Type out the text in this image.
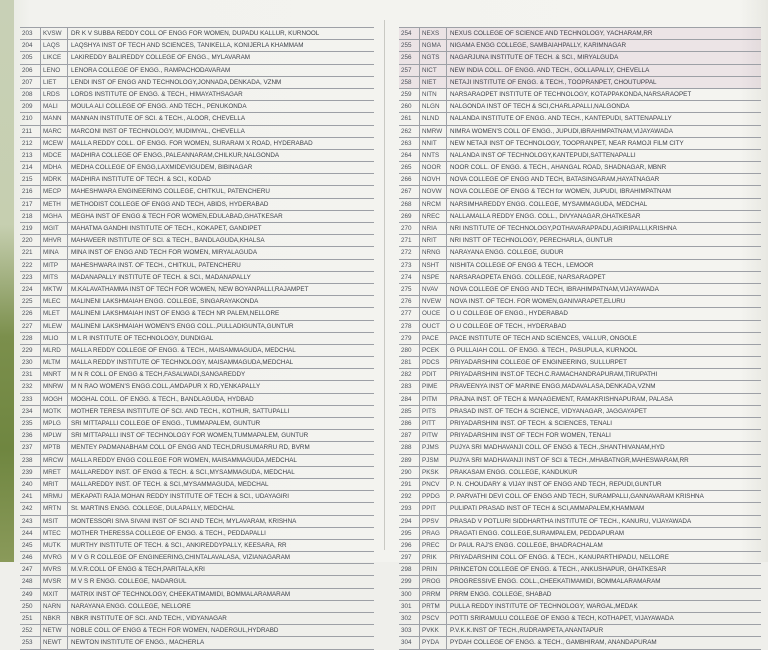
203	KVSW	DR K V SUBBA REDDY COLL OF ENGG FOR WOMEN, DUPADU KALLUR, KURNOOL
204	LAQS	LAQSHYA INST OF TECH AND SCIENCES, TANIKELLA, KONIJERLA KHAMMAM
205	LIKCE	LAKIREDDY BALIREDDY COLLEGE OF ENGG., MYLAVARAM
206	LENO	LENORA COLLEGE OF ENGG., RAMPACHODAVARAM
207	LIET	LENDI INST OF ENGG AND TECHNOLOGY,JONNADA,DENKADA, VZNM
208	LRDS	LORDS INSTITUTE OF ENGG. & TECH., HIMAYATHSAGAR
209	MALI	MOULA ALI COLLEGE OF ENGG. AND TECH., PENUKONDA
210	MANN	MANNAN INSTITUTE OF SCI. & TECH., ALOOR, CHEVELLA
211	MARC	MARCONI INST OF TECHNOLOGY, MUDIMYAL, CHEVELLA
212	MCEW	MALLA REDDY COLL. OF ENGG. FOR WOMEN, SURARAM X ROAD, HYDERABAD
213	MDCE	MADHIRA COLLEGE OF ENGG.,PALEANNARAM,CHILKUR,NALGONDA
214	MDHA	MEDHA COLLEGE OF ENGG,LAXMIDEVIGUDEM, BIBINAGAR
215	MDRK	MADHIRA INSTITUTE OF TECH. & SCI., KODAD
216	MECP	MAHESHWARA ENGINEERING COLLEGE, CHITKUL, PATENCHERU
217	METH	METHODIST COLLEGE OF ENGG AND TECH, ABIDS, HYDERABAD
218	MGHA	MEGHA INST OF ENGG & TECH FOR WOMEN,EDULABAD,GHATKESAR
219	MGIT	MAHATMA GANDHI INSTITUTE OF TECH., KOKAPET, GANDIPET
220	MHVR	MAHAVEER INSTITUTE OF SCI. & TECH., BANDLAGUDA,KHALSA
221	MINA	MINA INST OF ENGG AND TECH FOR WOMEN, MIRYALAGUDA
222	MITP	MAHESHWARA INST. OF TECH., CHITKUL, PATENCHERU
223	MITS	MADANAPALLY INSTITUTE OF TECH. & SCI., MADANAPALLY
224	MKTW	M.KALAVATHAMMA INST OF TECH FOR WOMEN, NEW BOYANPALLI,RAJAMPET
225	MLEC	MALINENI LAKSHMAIAH ENGG. COLLEGE, SINGARAYAKONDA
226	MLET	MALINENI LAKSHMAIAH INST OF ENGG & TECH NR PALEM,NELLORE
227	MLEW	MALINENI LAKSHMAIAH WOMEN'S ENGG COLL.,PULLADIGUNTA,GUNTUR
228	MLIO	M L R INSTITUTE OF TECHNOLOGY, DUNDIGAL
229	MLRD	MALLA REDDY COLLEGE OF ENGG. & TECH., MAISAMMAGUDA, MEDCHAL
230	MLTM	MALLA REDDY INSTITUTE OF TECHNOLOGY, MAISAMMAGUDA,MEDCHAL
231	MNRT	M N R COLL OF ENGG & TECH,FASALWADI,SANGAREDDY
232	MNRW	M N RAO WOMEN'S ENGG.COLL,AMDAPUR X RD,YENKAPALLY
233	MOGH	MOGHAL COLL. OF ENGG. & TECH., BANDLAGUDA, HYDBAD
234	MOTK	MOTHER TERESA INSTITUTE OF SCI. AND TECH., KOTHUR, SATTUPALLI
235	MPLG	SRI MITTAPALLI COLLEGE OF ENGG., TUMMAPALEM, GUNTUR
236	MPLW	SRI MITTAPALLI INST OF TECHNOLOGY FOR WOMEN,TUMMAPALEM, GUNTUR
237	MPTB	MENTEY PADMANABHAM COLL OF ENGG AND TECH,DRUSUMARRU RD, BVRM
238	MRCW	MALLA REDDY ENGG COLLEGE FOR WOMEN, MAISAMMAGUDA,MEDCHAL
239	MRET	MALLAREDDY INST. OF ENGG & TECH. & SCI.,MYSAMMAGUDA, MEDCHAL
240	MRIT	MALLAREDDY INST. OF TECH. & SCI.,MYSAMMAGUDA, MEDCHAL
241	MRMU	MEKAPATI RAJA MOHAN REDDY INSTITUTE OF TECH & SCI., UDAYAGIRI
242	MRTN	St. MARTINS ENGG. COLLEGE, DULAPALLY, MEDCHAL
243	MSIT	MONTESSORI SIVA SIVANI INST OF SCI AND TECH, MYLAVARAM, KRISHNA
244	MTEC	MOTHER THERESSA COLLEGE OF ENGG. & TECH., PEDDAPALLI
245	MUTK	MURTHY INSTITUTE OF TECH. & SCI., ANKIREDDYPALLY, KEESARA, RR
246	MVRG	M V G R COLLEGE OF ENGINEERING,CHINTALAVALASA, VIZIANAGARAM
247	MVRS	M.V.R.COLL OF ENGG & TECH,PARITALA,KRI
248	MVSR	M V S R ENGG. COLLEGE, NADARGUL
249	MXIT	MATRIX INST OF TECHNOLOGY, CHEEKATIMAMIDI, BOMMALARAMARAM
250	NARN	NARAYANA ENGG. COLLEGE, NELLORE
251	NBKR	NBKR INSTITUTE OF SCI. AND TECH., VIDYANAGAR
252	NETW	NOBLE COLL OF ENGG & TECH FOR WOMEN, NADERGUL,HYDRABD
253	NEWT	NEWTON INSTITUTE OF ENGG., MACHERLA
254	NEXS	NEXUS COLLEGE OF SCIENCE AND TECHNOLOGY, YACHARAM,RR
255	NGMA	NIGAMA ENGG COLLEGE, SAMBAIAHPALLY, KARIMNAGAR
256	NGTS	NAGARJUNA INSTITUTE OF TECH. & SCI., MIRYALGUDA
257	NICT	NEW INDIA COLL. OF ENGG. AND TECH., GOLLAPALLY, CHEVELLA
258	NIET	NETAJI INSTITUTE OF ENGG. & TECH., TOOPRANPET, CHOUTUPPAL
259	NITN	NARSARAOPET INSTITUTE OF TECHNOLOGY, KOTAPPAKONDA,NARSARAOPET
260	NLGN	NALGONDA INST OF TECH & SCI,CHARLAPALLI,NALGONDA
261	NLND	NALANDA INSTITUTE OF ENGG. AND TECH., KANTEPUDI, SATTENAPALLY
262	NMRW	NIMRA WOMEN'S COLL OF ENGG., JUPUDI,IBRAHIMPATNAM,VIJAYAWADA
263	NNIT	NEW NETAJI INST OF TECHNOLOGY, TOOPRANPET, NEAR RAMOJI FILM CITY
264	NNTS	NALANDA INST OF TECHNOLOGY,KANTEPUDI,SATTENAPALLI
265	NOOR	NOOR COLL. OF ENGG. & TECH., AHANGAL ROAD, SHADNAGAR, MBNR
266	NOVH	NOVA COLLEGE OF ENGG AND TECH, BATASINGARAM,HAYATNAGAR
267	NOVW	NOVA COLLEGE OF ENGG & TECH for WOMEN, JUPUDI, IBRAHIMPATNAM
268	NRCM	NARSIMHAREDDY ENGG. COLLEGE, MYSAMMAGUDA, MEDCHAL
269	NREC	NALLAMALLA REDDY ENGG. COLL., DIVYANAGAR,GHATKESAR
270	NRIA	NRI INSTITUTE OF TECHNOLOGY,POTHAVARAPPADU,AGIRIPALLI,KRISHNA
271	NRIT	NRI INSTT OF TECHNOLOGY, PERECHARLA, GUNTUR
272	NRNG	NARAYANA ENGG. COLLEGE, GUDUR
273	NSHT	NISHITA COLLEGE OF ENGG & TECH., LEMOOR
274	NSPE	NARSARAOPETA ENGG. COLLEGE, NARSARAOPET
275	NVAV	NOVA COLLEGE OF ENGG AND TECH, IBRAHIMPATNAM,VIJAYAWADA
276	NVEW	NOVA INST. OF TECH. FOR WOMEN,GANIVARAPET,ELURU
277	OUCE	O U COLLEGE OF ENGG., HYDERABAD
278	OUCT	O U COLLEGE OF TECH., HYDERABAD
279	PACE	PACE INSTITUTE OF TECH AND SCIENCES, VALLUR, ONGOLE
280	PCEK	G PULLAIAH COLL. OF ENGG. & TECH., PASUPULA, KURNOOL
281	PDCS	PRIYADARSHINI COLLEGE OF ENGINEERING, SULLURPET
282	PDIT	PRIYADARSHINI INST.OF TECH.C.RAMACHANDRAPURAM,TIRUPATHI
283	PIME	PRAVEENYA INST OF MARINE ENGG,MADAVALASA,DENKADA,VZNM
284	PITM	PRAJNA INST. OF TECH & MANAGEMENT, RAMAKRISHNAPURAM, PALASA
285	PITS	PRASAD INST. OF TECH & SCIENCE, VIDYANAGAR, JAGGAYAPET
286	PITT	PRIYADARSHINI INST. OF TECH. & SCIENCES, TENALI
287	PITW	PRIYADARSHINI INST OF TECH FOR WOMEN, TENALI
288	PJMS	PUJYA SRI MADHAVANJI COLL OF ENGG & TECH.,SHANTHIVANAM,HYD
289	PJSM	PUJYA SRI MADHAVANJI INST OF SCI & TECH.,MHABATNGR,MAHESWARAM,RR
290	PKSK	PRAKASAM ENGG. COLLEGE, KANDUKUR
291	PNCV	P. N. CHOUDARY & VIJAY INST OF ENGG AND TECH, REPUDI,GUNTUR
292	PPDG	P. PARVATHI DEVI COLL OF ENGG AND TECH, SURAMPALLI,GANNAVARAM KRISHNA
293	PPIT	PULIPATI PRASAD INST OF TECH & SCI,AMMAPALEM,KHAMMAM
294	PPSV	PRASAD V POTLURI SIDDHARTHA INSTITUTE OF TECH., KANURU, VIJAYAWADA
295	PRAG	PRAGATI ENGG. COLLEGE,SURAMPALEM, PEDDAPURAM
296	PREC	Dr PAUL RAJ'S ENGG. COLLEGE, BHADRACHALAM
297	PRIK	PRIYADARSHINI COLL OF ENGG. & TECH., KANUPARTHIPADU, NELLORE
298	PRIN	PRINCETON COLLEGE OF ENGG. & TECH., ANKUSHAPUR, GHATKESAR
299	PROG	PROGRESSIVE ENGG. COLL.,CHEEKATIMAMIDI, BOMMALARAMARAM
300	PRRM	PRRM ENGG. COLLEGE, SHABAD
301	PRTM	PULLA REDDY INSTITUTE OF TECHNOLOGY, WARGAL,MEDAK
302	PSCV	POTTI SRIRAMULU COLLEGE OF ENGG & TECH, KOTHAPET, VIJAYAWADA
303	PVKK	P.V.K.K.INST OF TECH.,RUDRAMPETA,ANANTAPUR
304	PYDA	PYDAH COLLEGE OF ENGG. & TECH., GAMBHIRAM, ANANDAPURAM
